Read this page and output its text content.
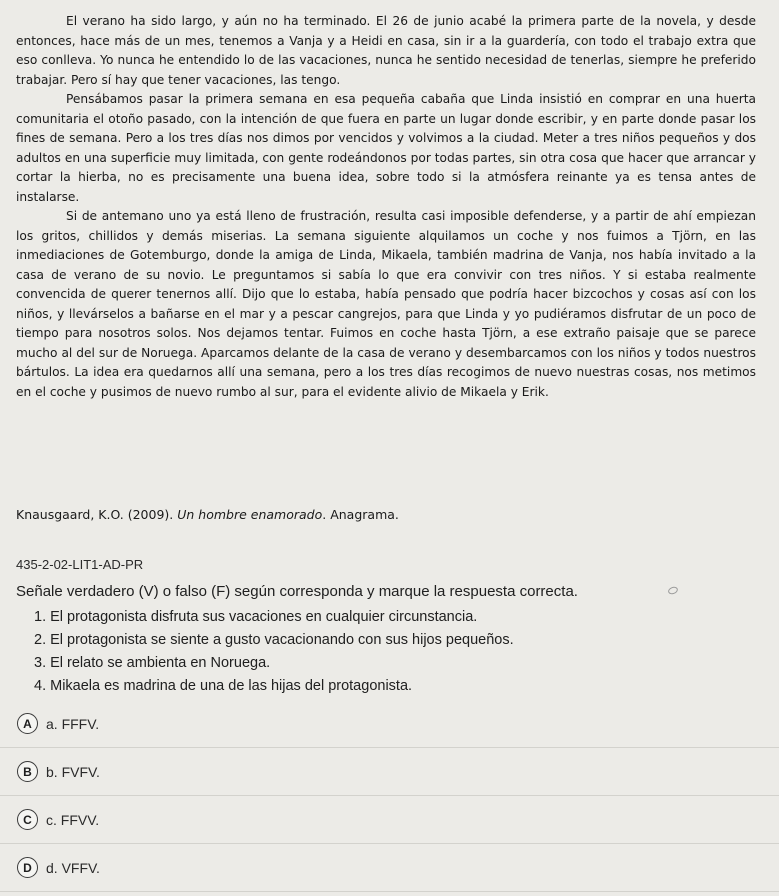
El verano ha sido largo, y aún no ha terminado. El 26 de junio acabé la primera parte de la novela, y desde entonces, hace más de un mes, tenemos a Vanja y a Heidi en casa, sin ir a la guardería, con todo el trabajo extra que eso conlleva. Yo nunca he entendido lo de las vacaciones, nunca he sentido necesidad de tenerlas, siempre he preferido trabajar. Pero sí hay que tener vacaciones, las tengo.

Pensábamos pasar la primera semana en esa pequeña cabaña que Linda insistió en comprar en una huerta comunitaria el otoño pasado, con la intención de que fuera en parte un lugar donde escribir, y en parte donde pasar los fines de semana. Pero a los tres días nos dimos por vencidos y volvimos a la ciudad. Meter a tres niños pequeños y dos adultos en una superficie muy limitada, con gente rodeándonos por todas partes, sin otra cosa que hacer que arrancar y cortar la hierba, no es precisamente una buena idea, sobre todo si la atmósfera reinante ya es tensa antes de instalarse.

Si de antemano uno ya está lleno de frustración, resulta casi imposible defenderse, y a partir de ahí empiezan los gritos, chillidos y demás miserias. La semana siguiente alquilamos un coche y nos fuimos a Tjörn, en las inmediaciones de Gotemburgo, donde la amiga de Linda, Mikaela, también madrina de Vanja, nos había invitado a la casa de verano de su novio. Le preguntamos si sabía lo que era convivir con tres niños. Y si estaba realmente convencida de querer tenernos allí. Dijo que lo estaba, había pensado que podría hacer bizcochos y cosas así con los niños, y llevárselos a bañarse en el mar y a pescar cangrejos, para que Linda y yo pudiéramos disfrutar de un poco de tiempo para nosotros solos. Nos dejamos tentar. Fuimos en coche hasta Tjörn, a ese extraño paisaje que se parece mucho al del sur de Noruega. Aparcamos delante de la casa de verano y desembarcamos con los niños y todos nuestros bártulos. La idea era quedarnos allí una semana, pero a los tres días recogimos de nuevo nuestras cosas, nos metimos en el coche y pusimos de nuevo rumbo al sur, para el evidente alivio de Mikaela y Erik.

Knausgaard, K.O. (2009). Un hombre enamorado. Anagrama.
435-2-02-LIT1-AD-PR
Señale verdadero (V) o falso (F) según corresponda y marque la respuesta correcta.
1. El protagonista disfruta sus vacaciones en cualquier circunstancia.
2. El protagonista se siente a gusto vacacionando con sus hijos pequeños.
3. El relato se ambienta en Noruega.
4. Mikaela es madrina de una de las hijas del protagonista.
A	a. FFFV.
B	b. FVFV.
C	c. FFVV.
D	d. VFFV.
